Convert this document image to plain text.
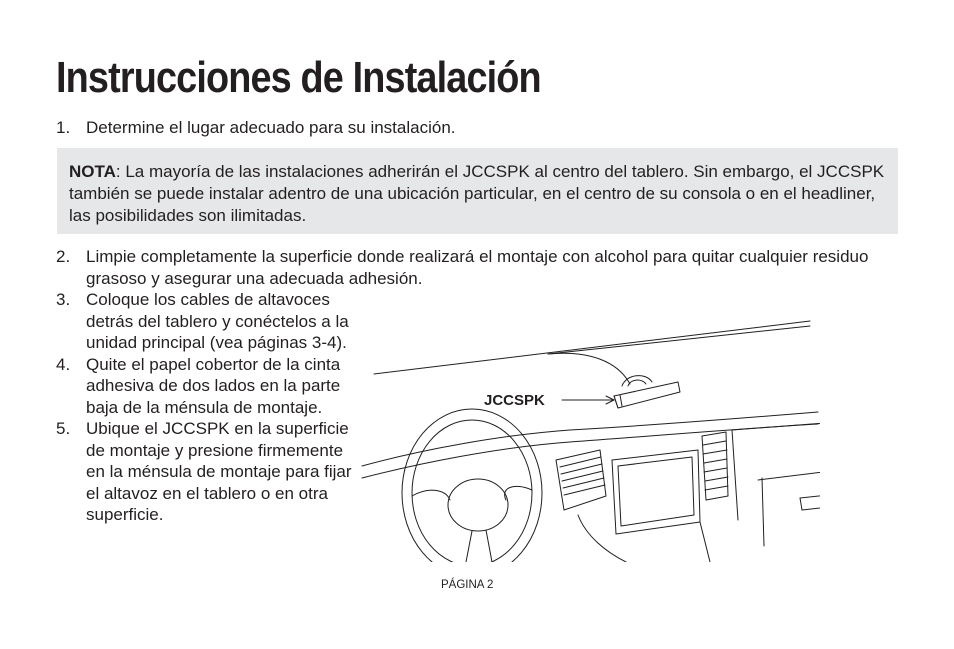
Instrucciones de Instalación
1. Determine el lugar adecuado para su instalación.
NOTA: La mayoría de las instalaciones adherirán el JCCSPK al centro del tablero. Sin embargo, el JCCSPK también se puede instalar adentro de una ubicación particular, en el centro de su consola o en el headliner, las posibilidades son ilimitadas.
2. Limpie completamente la superficie donde realizará el montaje con alcohol para quitar cualquier residuo grasoso y asegurar una adecuada adhesión.
3. Coloque los cables de altavoces detrás del tablero y conéctelos a la unidad principal (vea páginas 3-4).
4. Quite el papel cobertor de la cinta adhesiva de dos lados en la parte baja de la ménsula de montaje.
5. Ubique el JCCSPK en la superficie de montaje y presione firmemente en la ménsula de montaje para fijar el altavoz en el tablero o en otra superficie.
JCCSPK
PÁGINA 2
